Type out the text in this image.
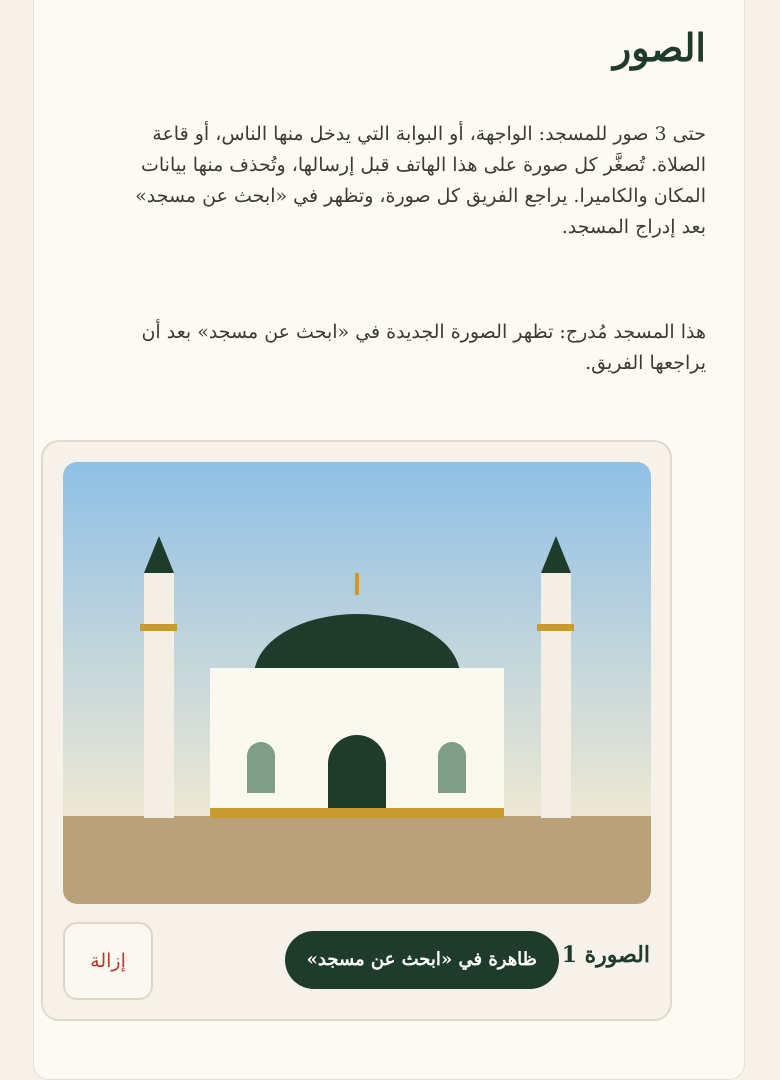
الصور

حتى 3 صور للمسجد: الواجهة، أو البوابة التي يدخل منها الناس، أو قاعة الصلاة. تُصغَّر كل صورة على هذا الهاتف قبل إرسالها، وتُحذف منها بيانات المكان والكاميرا. يراجع الفريق كل صورة، وتظهر في «ابحث عن مسجد» بعد إدراج المسجد.

هذا المسجد مُدرج: تظهر الصورة الجديدة في «ابحث عن مسجد» بعد أن يراجعها الفريق.

الصورة 1
ظاهرة في «ابحث عن مسجد»
إزالة
